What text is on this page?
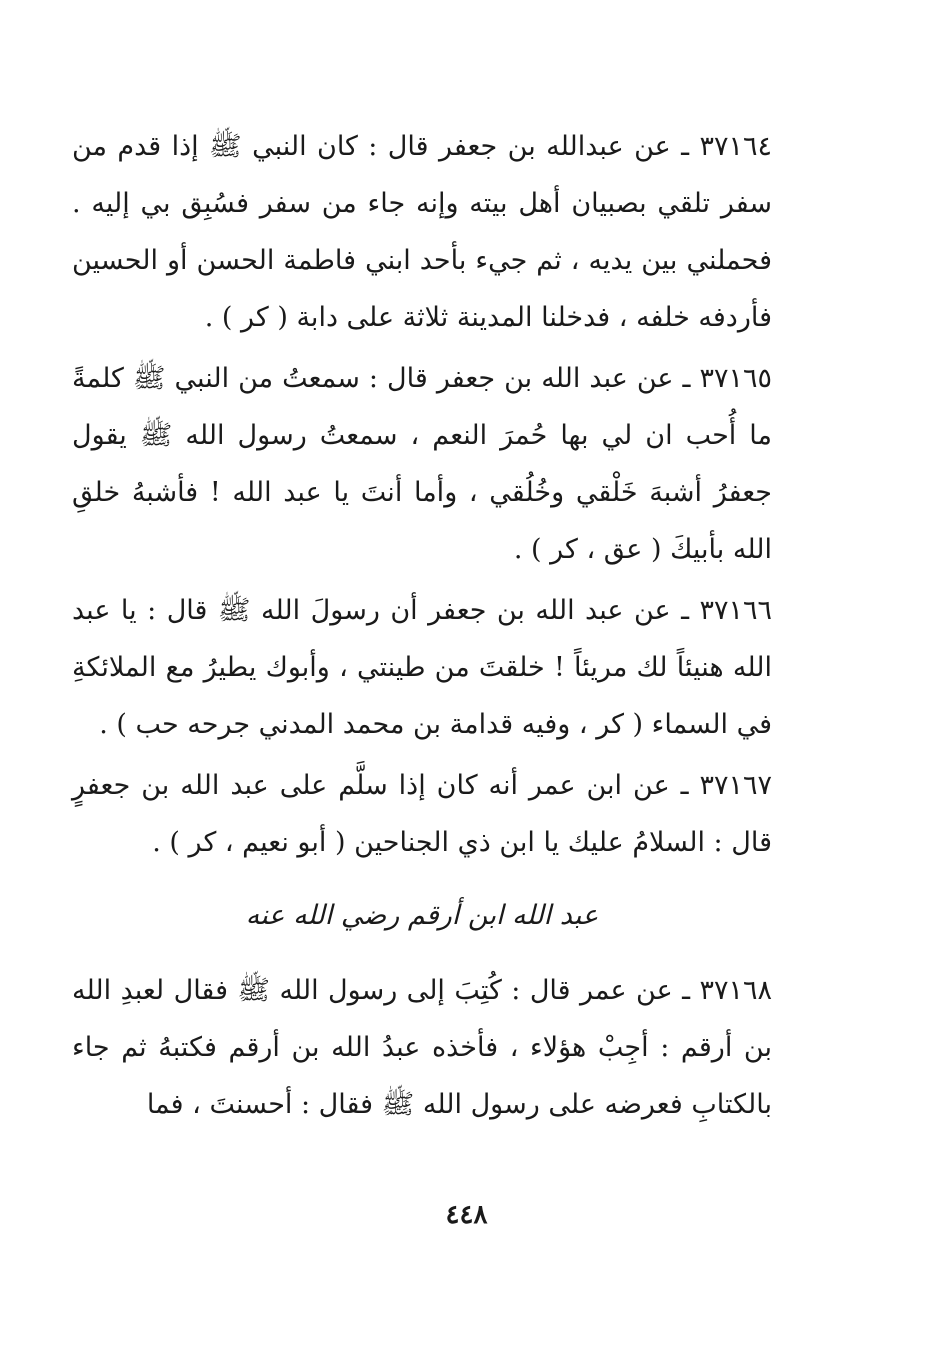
٣٧١٦٤ ـ عن عبدالله بن جعفر قال : كان النبي ﷺ إذا قدم من سفر تلقي بصبيان أهل بيته وإنه جاء من سفر فسُبِق بي إليه . فحملني بين يديه ، ثم جيء بأحد ابني فاطمة الحسن أو الحسين فأردفه خلفه ، فدخلنا المدينة ثلاثة على دابة ( كر ) .

٣٧١٦٥ ـ عن عبد الله بن جعفر قال : سمعتُ من النبي ﷺ كلمةً ما أُحب ان لي بها حُمرَ النعم ، سمعتُ رسول الله ﷺ يقول جعفرُ أشبهَ خَلْقي وخُلُقي ، وأما أنتَ يا عبد الله ! فأشبهُ خلقِ الله بأبيكَ ( عق ، كر ) .

٣٧١٦٦ ـ عن عبد الله بن جعفر أن رسولَ الله ﷺ قال : يا عبد الله هنيئاً لك مريئاً ! خلقتَ من طينتي ، وأبوك يطيرُ مع الملائكةِ في السماء ( كر ، وفيه قدامة بن محمد المدني جرحه حب ) .

٣٧١٦٧ ـ عن ابن عمر أنه كان إذا سلَّم على عبد الله بن جعفرٍ قال : السلامُ عليك يا ابن ذي الجناحين ( أبو نعيم ، كر ) .

عبد الله ابن أرقم رضي الله عنه

٣٧١٦٨ ـ عن عمر قال : كُتِبَ إلى رسول الله ﷺ فقال لعبدِ الله بن أرقم : أجِبْ هؤلاء ، فأخذه عبدُ الله بن أرقم فكتبهُ ثم جاء بالكتابِ فعرضه على رسول الله ﷺ فقال : أحسنتَ ، فما

٤٤٨
